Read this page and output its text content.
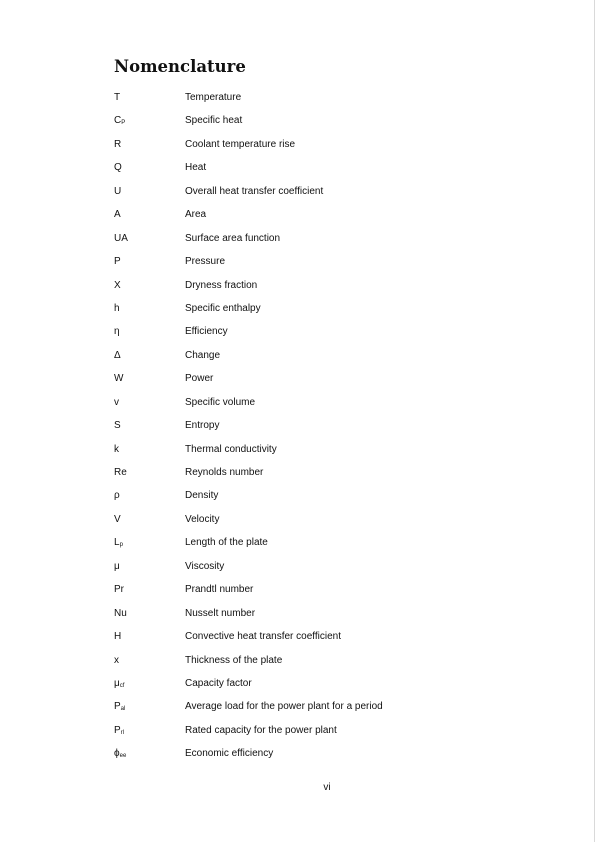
Nomenclature
T	Temperature
$C_P$	Specific heat
R	Coolant temperature rise
Q	Heat
U	Overall heat transfer coefficient
A	Area
UA	Surface area function
P	Pressure
X	Dryness fraction
h	Specific enthalpy
η	Efficiency
Δ	Change
W	Power
v	Specific volume
S	Entropy
k	Thermal conductivity
Re	Reynolds number
ρ	Density
V	Velocity
$L_p$	Length of the plate
μ	Viscosity
Pr	Prandtl number
Nu	Nusselt number
H	Convective heat transfer coefficient
x	Thickness of the plate
$\mu_{cf}$	Capacity factor
$P_{al}$	Average load for the power plant for a period
$P_{rl}$	Rated capacity for the power plant
$\phi_{ee}$	Economic efficiency
vi
